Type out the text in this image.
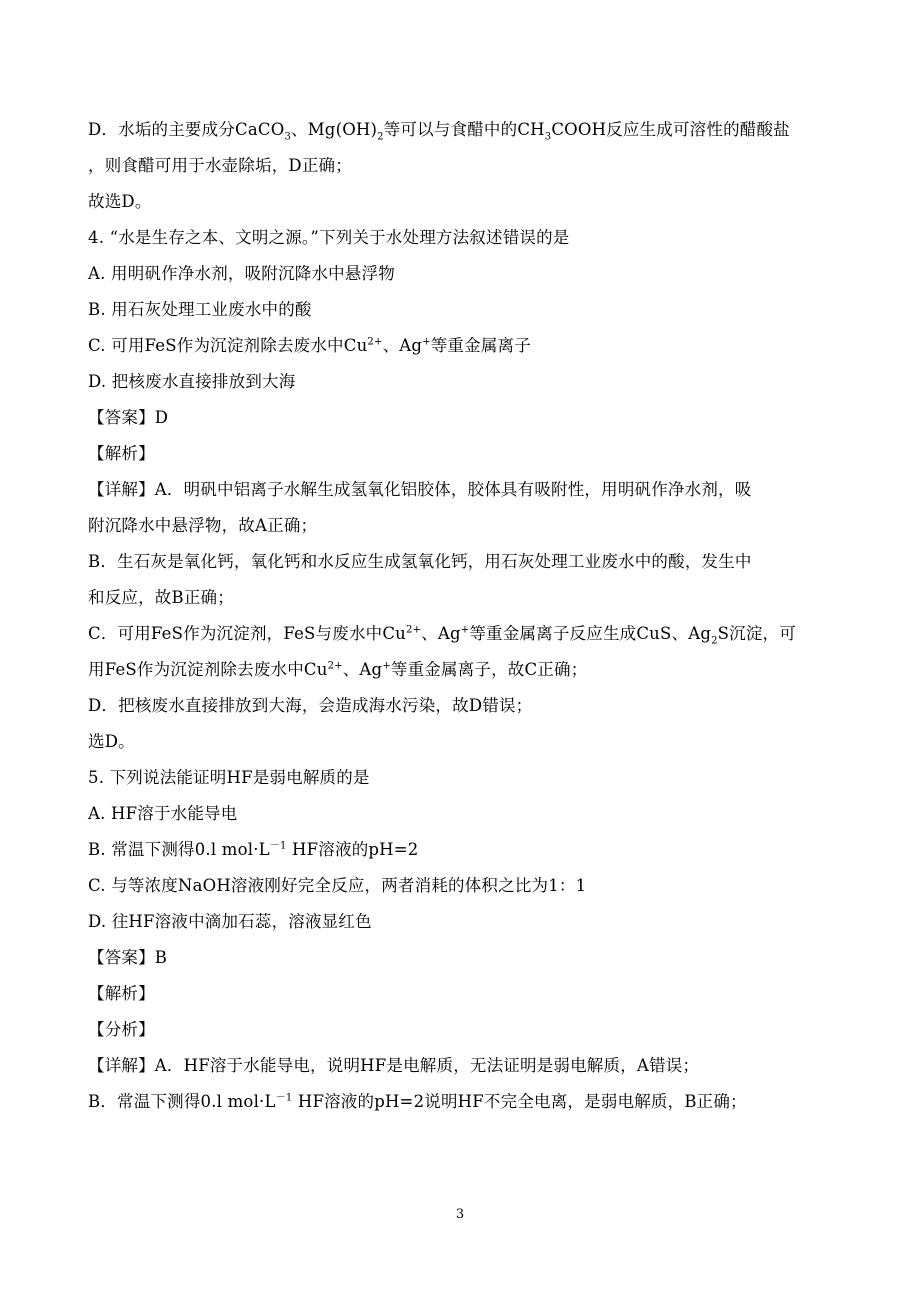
D．水垢的主要成分CaCO$_3$、$Mg(OH)_2$等可以与食醋中的$CH_3COOH$反应生成可溶性的醋酸盐
，则食醋可用于水壶除垢，D正确；
故选D。
4. “水是生存之本、文明之源。”下列关于水处理方法叙述错误的是
A. 用明矾作净水剂，吸附沉降水中悬浮物
B. 用石灰处理工业废水中的酸
C. 可用FeS作为沉淀剂除去废水中$Cu^{2+}$、Ag+等重金属离子
D. 把核废水直接排放到大海
【答案】D
【解析】
【详解】A．明矾中铝离子水解生成氢氧化铝胶体，胶体具有吸附性，用明矾作净水剂，吸
附沉降水中悬浮物，故A正确；
B．生石灰是氧化钙，氧化钙和水反应生成氢氧化钙，用石灰处理工业废水中的酸，发生中
和反应，故B正确；
C．可用FeS作为沉淀剂，FeS与废水中$Cu^{2+}$、Ag+等重金属离子反应生成CuS、$Ag_2S$沉淀，可
用FeS作为沉淀剂除去废水中$Cu^{2+}$、Ag+等重金属离子，故C正确；
D．把核废水直接排放到大海，会造成海水污染，故D错误；
选D。
5. 下列说法能证明HF是弱电解质的是
A. HF溶于水能导电
B. 常温下测得0.l $mol\cdot L^{-1}$ HF溶液的pH=2
C. 与等浓度NaOH溶液刚好完全反应，两者消耗的体积之比为1：1
D. 往HF溶液中滴加石蕊，溶液显红色
【答案】B
【解析】
【分析】
【详解】A．HF溶于水能导电，说明HF是电解质，无法证明是弱电解质，A错误；
B．常温下测得0.l $mol\cdot L^{-1}$ HF溶液的pH=2说明HF不完全电离，是弱电解质，B正确；
3
